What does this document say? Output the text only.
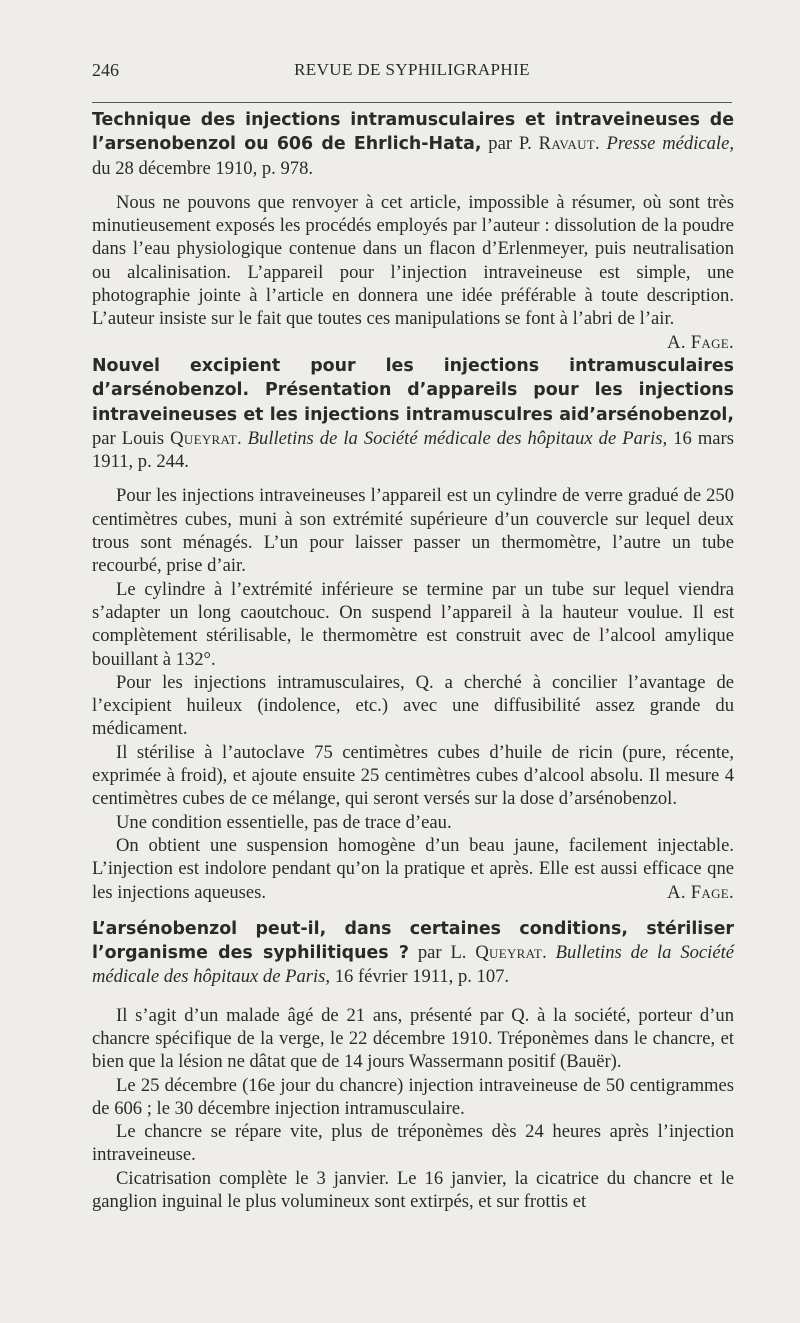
246	REVUE DE SYPHILIGRAPHIE

Technique des injections intramusculaires et intraveineuses de l’arsenobenzol ou 606 de Ehrlich-Hata, par P. Ravaut. Presse médicale, du 28 décembre 1910, p. 978.

Nous ne pouvons que renvoyer à cet article, impossible à résumer, où sont très minutieusement exposés les procédés employés par l’auteur : dissolution de la poudre dans l’eau physiologique contenue dans un flacon d’Erlenmeyer, puis neutralisation ou alcalinisation. L’appareil pour l’injection intraveineuse est simple, une photographie jointe à l’article en donnera une idée préférable à toute description. L’auteur insiste sur le fait que toutes ces manipulations se font à l’abri de l’air.
A. Fage.

Nouvel excipient pour les injections intramusculaires d’arsénobenzol. Présentation d’appareils pour les injections intraveineuses et les injections intramusculres aid’arsénobenzol, par Louis Queyrat. Bulletins de la Société médicale des hôpitaux de Paris, 16 mars 1911, p. 244.

Pour les injections intraveineuses l’appareil est un cylindre de verre gradué de 250 centimètres cubes, muni à son extrémité supérieure d’un couvercle sur lequel deux trous sont ménagés. L’un pour laisser passer un thermomètre, l’autre un tube recourbé, prise d’air.

Le cylindre à l’extrémité inférieure se termine par un tube sur lequel viendra s’adapter un long caoutchouc. On suspend l’appareil à la hauteur voulue. Il est complètement stérilisable, le thermomètre est construit avec de l’alcool amylique bouillant à 132°.

Pour les injections intramusculaires, Q. a cherché à concilier l’avantage de l’excipient huileux (indolence, etc.) avec une diffusibilité assez grande du médicament.

Il stérilise à l’autoclave 75 centimètres cubes d’huile de ricin (pure, récente, exprimée à froid), et ajoute ensuite 25 centimètres cubes d’alcool absolu. Il mesure 4 centimètres cubes de ce mélange, qui seront versés sur la dose d’arsénobenzol.

Une condition essentielle, pas de trace d’eau.

On obtient une suspension homogène d’un beau jaune, facilement injectable. L’injection est indolore pendant qu’on la pratique et après. Elle est aussi efficace qne les injections aqueuses.	A. Fage.

L’arsénobenzol peut-il, dans certaines conditions, stériliser l’organisme des syphilitiques ? par L. Queyrat. Bulletins de la Société médicale des hôpitaux de Paris, 16 février 1911, p. 107.

Il s’agit d’un malade âgé de 21 ans, présenté par Q. à la société, porteur d’un chancre spécifique de la verge, le 22 décembre 1910. Tréponèmes dans le chancre, et bien que la lésion ne dâtat que de 14 jours Wassermann positif (Bauër).

Le 25 décembre (16e jour du chancre) injection intraveineuse de 50 centigrammes de 606 ; le 30 décembre injection intramusculaire.

Le chancre se répare vite, plus de tréponèmes dès 24 heures après l’injection intraveineuse.

Cicatrisation complète le 3 janvier. Le 16 janvier, la cicatrice du chancre et le ganglion inguinal le plus volumineux sont extirpés, et sur frottis et
